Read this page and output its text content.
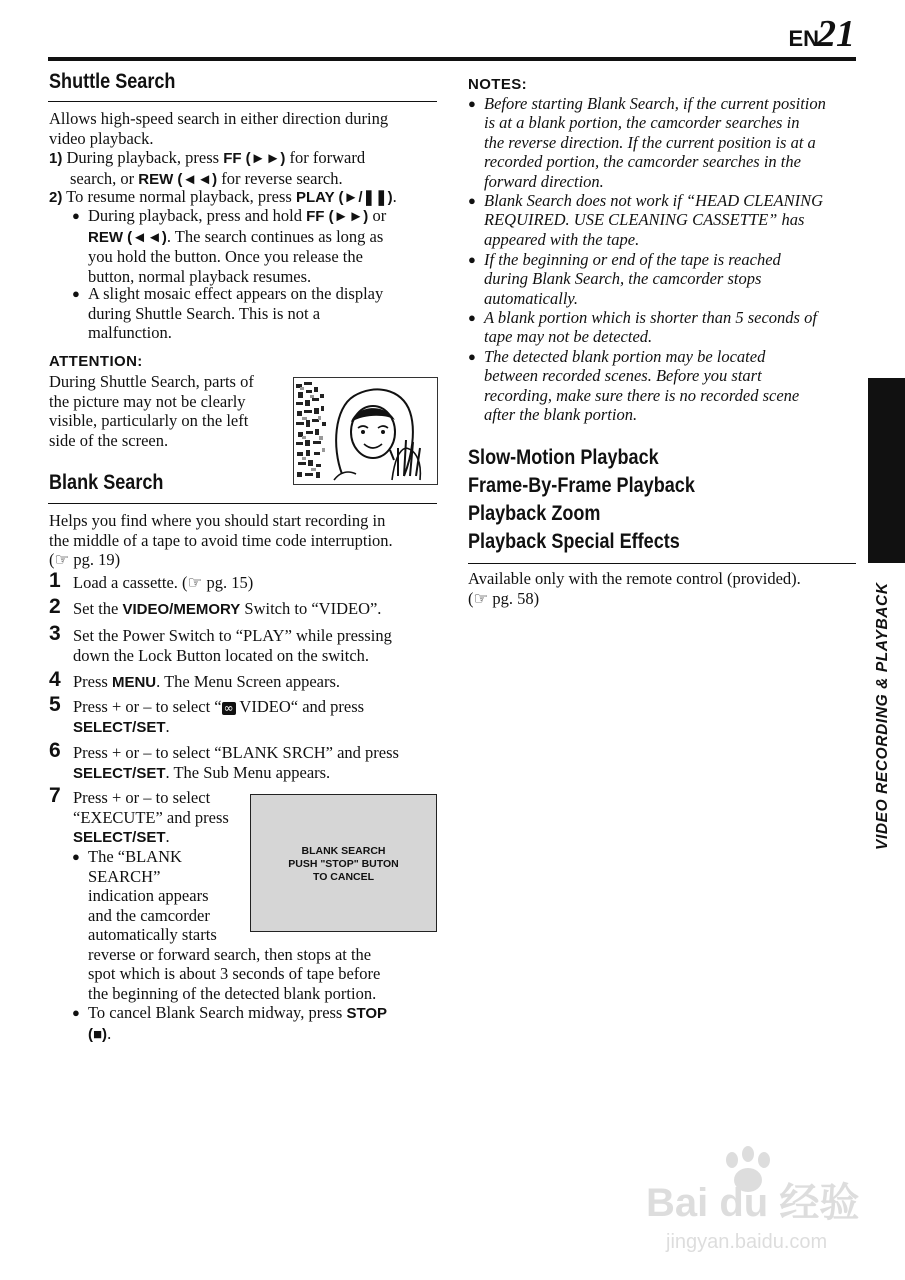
EN
21
VIDEO RECORDING & PLAYBACK
Shuttle Search
Allows high-speed search in either direction during
video playback.
1) During playback, press FF (►►) for forward
search, or REW (◄◄) for reverse search.
2) To resume normal playback, press PLAY (►/❚❚).
● During playback, press and hold FF (►►) or
REW (◄◄). The search continues as long as
you hold the button. Once you release the
button, normal playback resumes.
● A slight mosaic effect appears on the display
during Shuttle Search. This is not a
malfunction.
ATTENTION:
During Shuttle Search, parts of
the picture may not be clearly
visible, particularly on the left
side of the screen.
Blank Search
Helps you find where you should start recording in
the middle of a tape to avoid time code interruption.
(☞ pg. 19)
1 Load a cassette. (☞ pg. 15)
2 Set the VIDEO/MEMORY Switch to “VIDEO”.
3 Set the Power Switch to “PLAY” while pressing
down the Lock Button located on the switch.
4 Press MENU. The Menu Screen appears.
5 Press + or – to select “ ∞ VIDEO“ and press
SELECT/SET.
6 Press + or – to select “BLANK SRCH” and press
SELECT/SET. The Sub Menu appears.
7 Press + or – to select
“EXECUTE” and press
SELECT/SET.
● The “BLANK
SEARCH”
indication appears
and the camcorder
automatically starts
reverse or forward search, then stops at the
spot which is about 3 seconds of tape before
the beginning of the detected blank portion.
● To cancel Blank Search midway, press STOP
(■).
BLANK SEARCH
PUSH "STOP" BUTON
TO CANCEL
NOTES:
● Before starting Blank Search, if the current position
is at a blank portion, the camcorder searches in
the reverse direction. If the current position is at a
recorded portion, the camcorder searches in the
forward direction.
● Blank Search does not work if “HEAD CLEANING
REQUIRED. USE CLEANING CASSETTE” has
appeared with the tape.
● If the beginning or end of the tape is reached
during Blank Search, the camcorder stops
automatically.
● A blank portion which is shorter than 5 seconds of
tape may not be detected.
● The detected blank portion may be located
between recorded scenes. Before you start
recording, make sure there is no recorded scene
after the blank portion.
Slow-Motion Playback
Frame-By-Frame Playback
Playback Zoom
Playback Special Effects
Available only with the remote control (provided).
(☞ pg. 58)
Bai du 经验
jingyan.baidu.com
